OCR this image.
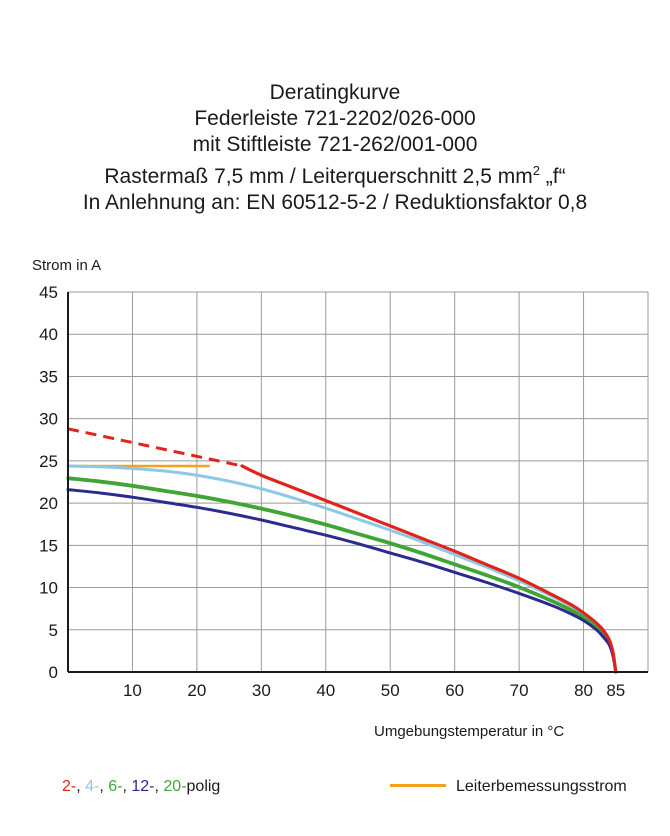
Deratingkurve
Federleiste 721-2202/026-000
mit Stiftleiste 721-262/001-000
Rastermaß 7,5 mm / Leiterquerschnitt 2,5 $mm^2$ „f“
In Anlehnung an: EN 60512-5-2 / Reduktionsfaktor 0,8
Strom in A
Umgebungstemperatur in °C
0
5
10
15
20
25
30
35
40
45
10	20	30	40	50	60	70	80 85
2-, 4-, 6-, 12-, 20-polig	Leiterbemessungsstrom
